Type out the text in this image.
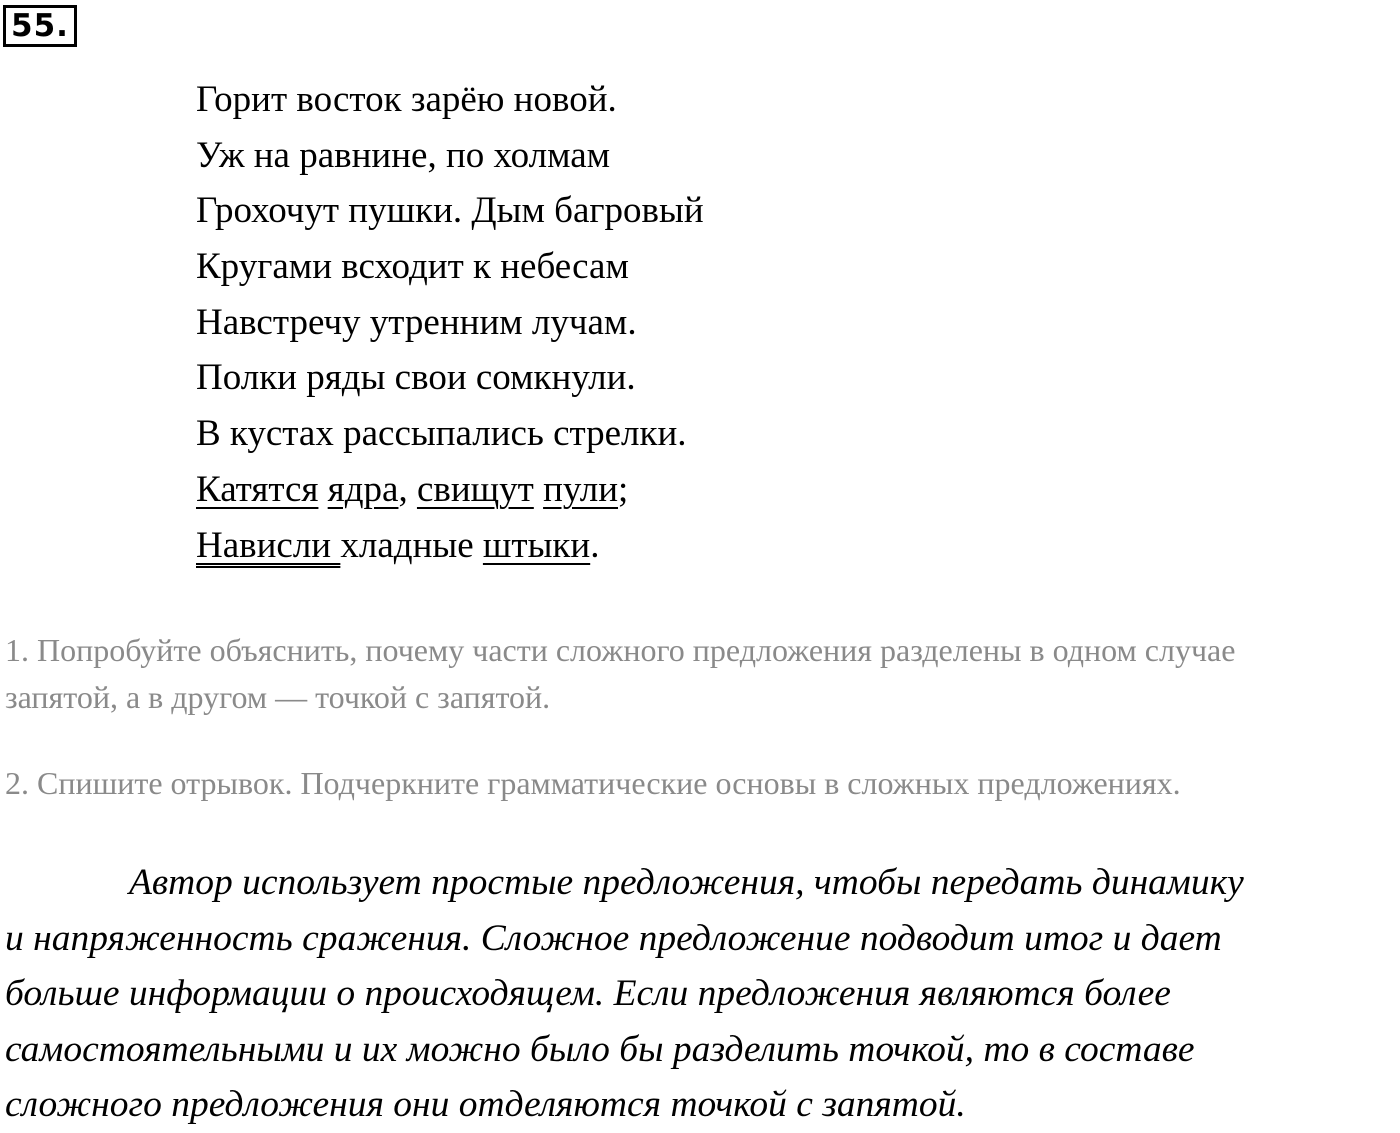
55.
Горит восток зарёю новой.
Уж на равнине, по холмам
Грохочут пушки. Дым багровый
Кругами всходит к небесам
Навстречу утренним лучам.
Полки ряды свои сомкнули.
В кустах рассыпались стрелки.
Катятся ядра, свищут пули;
Нависли хладные штыки.
1. Попробуйте объяснить, почему части сложного предложения разделены в одном случае
запятой, а в другом — точкой с запятой.
2. Спишите отрывок. Подчеркните грамматические основы в сложных предложениях.
Автор использует простые предложения, чтобы передать динамику
и напряженность сражения. Сложное предложение подводит итог и дает
больше информации о происходящем. Если предложения являются более
самостоятельными и их можно было бы разделить точкой, то в составе
сложного предложения они отделяются точкой с запятой.
